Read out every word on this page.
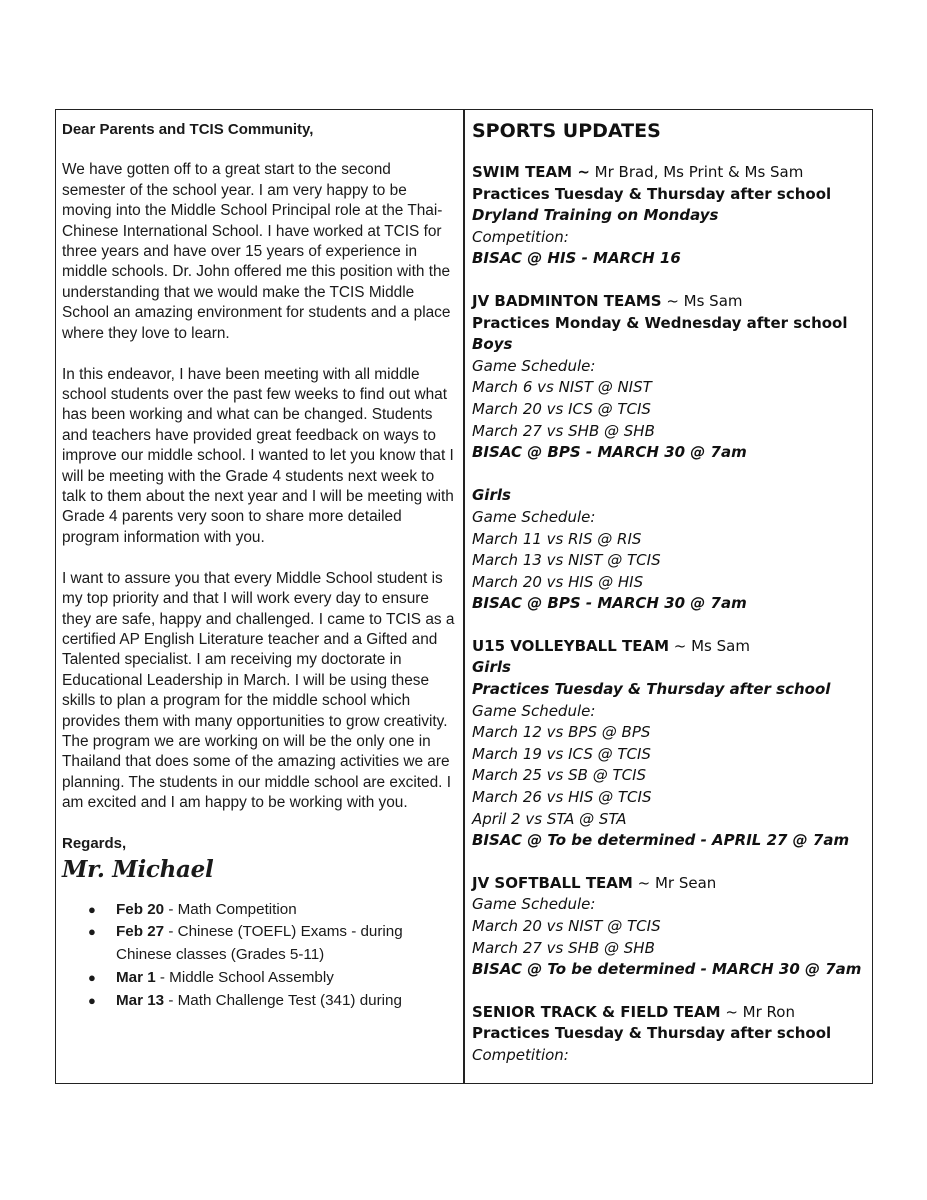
Dear Parents and TCIS Community,

We have gotten off to a great start to the second semester of the school year. I am very happy to be moving into the Middle School Principal role at the Thai-Chinese International School. I have worked at TCIS for three years and have over 15 years of experience in middle schools. Dr. John offered me this position with the understanding that we would make the TCIS Middle School an amazing environment for students and a place where they love to learn.

In this endeavor, I have been meeting with all middle school students over the past few weeks to find out what has been working and what can be changed. Students and teachers have provided great feedback on ways to improve our middle school. I wanted to let you know that I will be meeting with the Grade 4 students next week to talk to them about the next year and I will be meeting with Grade 4 parents very soon to share more detailed program information with you.

I want to assure you that every Middle School student is my top priority and that I will work every day to ensure they are safe, happy and challenged. I came to TCIS as a certified AP English Literature teacher and a Gifted and Talented specialist. I am receiving my doctorate in Educational Leadership in March. I will be using these skills to plan a program for the middle school which provides them with many opportunities to grow creativity. The program we are working on will be the only one in Thailand that does some of the amazing activities we are planning. The students in our middle school are excited. I am excited and I am happy to be working with you.

Regards,
Mr. Michael
● Feb 20 - Math Competition
● Feb 27 - Chinese (TOEFL) Exams - during Chinese classes (Grades 5-11)
● Mar 1 - Middle School Assembly
● Mar 13 - Math Challenge Test (341) during
SPORTS UPDATES
SWIM TEAM ~ Mr Brad, Ms Print & Ms Sam
Practices Tuesday & Thursday after school
Dryland Training on Mondays
Competition:
BISAC @ HIS - MARCH 16
JV BADMINTON TEAMS ~ Ms Sam
Practices Monday & Wednesday after school
Boys
Game Schedule:
March 6 vs NIST @ NIST
March 20 vs ICS @ TCIS
March 27 vs SHB @ SHB
BISAC @ BPS - MARCH 30 @ 7am
Girls
Game Schedule:
March 11 vs RIS @ RIS
March 13 vs NIST @ TCIS
March 20 vs HIS @ HIS
BISAC @ BPS - MARCH 30 @ 7am
U15 VOLLEYBALL TEAM ~ Ms Sam
Girls
Practices Tuesday & Thursday after school
Game Schedule:
March 12 vs BPS @ BPS
March 19 vs ICS @ TCIS
March 25 vs SB @ TCIS
March 26 vs HIS @ TCIS
April 2 vs STA @ STA
BISAC @ To be determined - APRIL 27 @ 7am
JV SOFTBALL TEAM ~ Mr Sean
Game Schedule:
March 20 vs NIST @ TCIS
March 27 vs SHB @ SHB
BISAC @ To be determined - MARCH 30 @ 7am
SENIOR TRACK & FIELD TEAM ~ Mr Ron
Practices Tuesday & Thursday after school
Competition:
